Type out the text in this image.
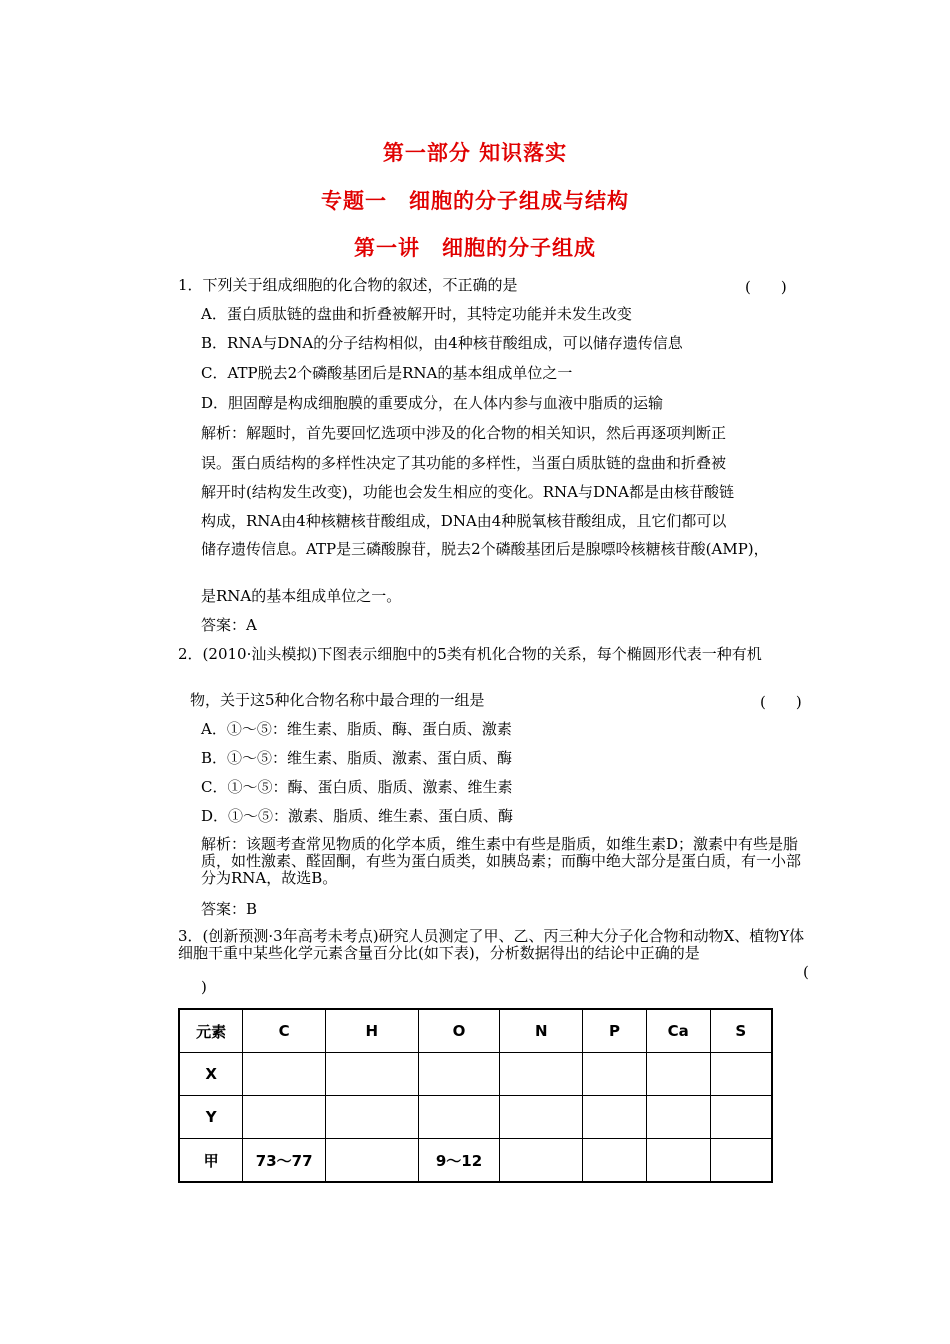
第一部分 知识落实
专题一　细胞的分子组成与结构
第一讲　细胞的分子组成
1．下列关于组成细胞的化合物的叙述，不正确的是	(　　)
A．蛋白质肽链的盘曲和折叠被解开时，其特定功能并未发生改变
B．RNA与DNA的分子结构相似，由4种核苷酸组成，可以储存遗传信息
C．ATP脱去2个磷酸基团后是RNA的基本组成单位之一
D．胆固醇是构成细胞膜的重要成分，在人体内参与血液中脂质的运输
解析：解题时，首先要回忆选项中涉及的化合物的相关知识，然后再逐项判断正
误。蛋白质结构的多样性决定了其功能的多样性，当蛋白质肽链的盘曲和折叠被
解开时(结构发生改变)，功能也会发生相应的变化。RNA与DNA都是由核苷酸链
构成，RNA由4种核糖核苷酸组成，DNA由4种脱氧核苷酸组成，且它们都可以
储存遗传信息。ATP是三磷酸腺苷，脱去2个磷酸基团后是腺嘌呤核糖核苷酸(AMP)，
是RNA的基本组成单位之一。
答案：A
2．(2010·汕头模拟)下图表示细胞中的5类有机化合物的关系，每个椭圆形代表一种有机
物，关于这5种化合物名称中最合理的一组是	(　　)
A．①～⑤：维生素、脂质、酶、蛋白质、激素
B．①～⑤：维生素、脂质、激素、蛋白质、酶
C．①～⑤：酶、蛋白质、脂质、激素、维生素
D．①～⑤：激素、脂质、维生素、蛋白质、酶
解析：该题考查常见物质的化学本质，维生素中有些是脂质，如维生素D；激素中有些是脂质，如性激素、醛固酮，有些为蛋白质类，如胰岛素；而酶中绝大部分是蛋白质，有一小部分为RNA，故选B。
答案：B
3．(创新预测·3年高考未考点)研究人员测定了甲、乙、丙三种大分子化合物和动物X、植物Y体细胞干重中某些化学元素含量百分比(如下表)，分析数据得出的结论中正确的是
(
)
元素	C	H	O	N	P	Ca	S
X							
Y							
甲	73～77		9～12				
